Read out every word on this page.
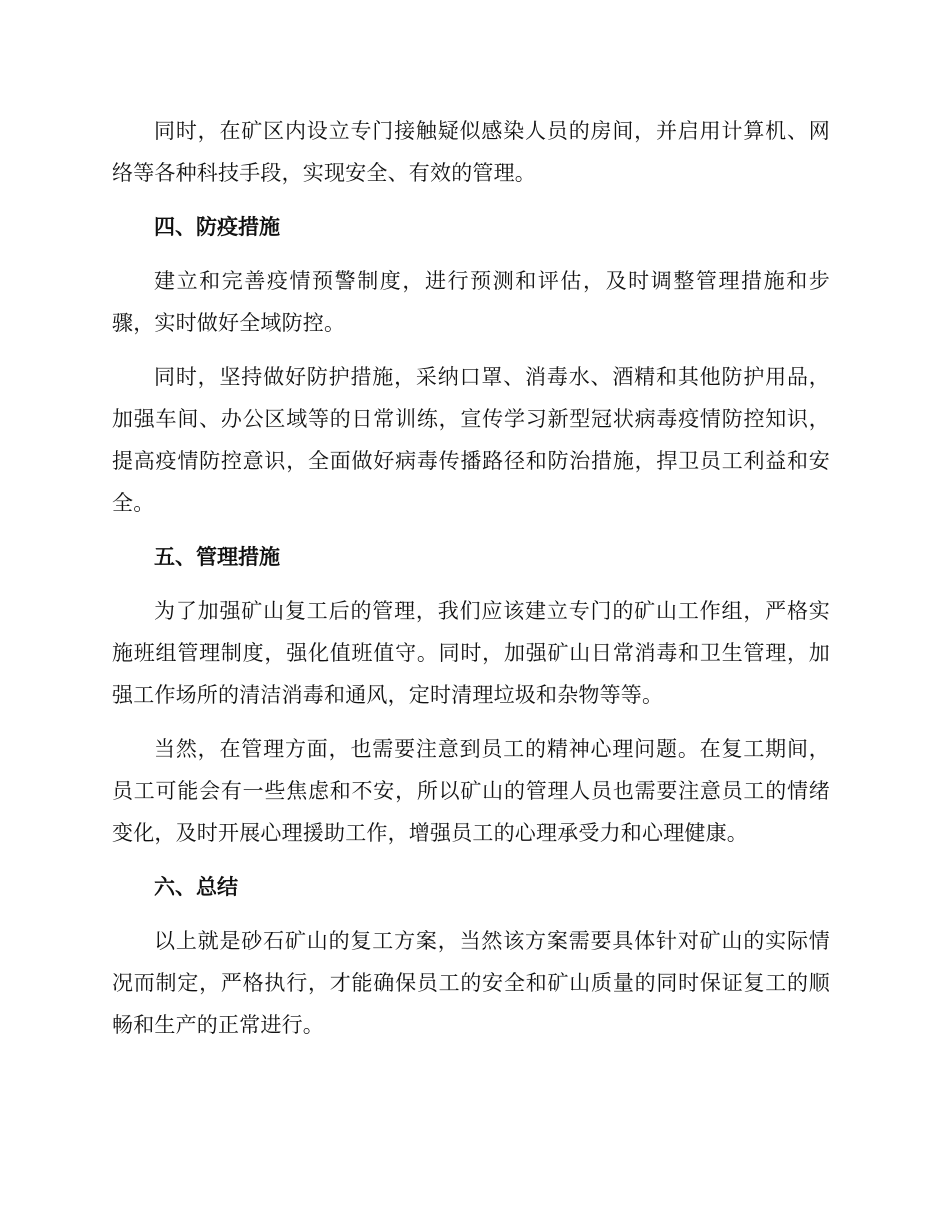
同时，在矿区内设立专门接触疑似感染人员的房间，并启用计算机、网络等各种科技手段，实现安全、有效的管理。

四、防疫措施

建立和完善疫情预警制度，进行预测和评估，及时调整管理措施和步骤，实时做好全域防控。

同时，坚持做好防护措施，采纳口罩、消毒水、酒精和其他防护用品，加强车间、办公区域等的日常训练，宣传学习新型冠状病毒疫情防控知识，提高疫情防控意识，全面做好病毒传播路径和防治措施，捍卫员工利益和安全。

五、管理措施

为了加强矿山复工后的管理，我们应该建立专门的矿山工作组，严格实施班组管理制度，强化值班值守。同时，加强矿山日常消毒和卫生管理，加强工作场所的清洁消毒和通风，定时清理垃圾和杂物等等。

当然，在管理方面，也需要注意到员工的精神心理问题。在复工期间，员工可能会有一些焦虑和不安，所以矿山的管理人员也需要注意员工的情绪变化，及时开展心理援助工作，增强员工的心理承受力和心理健康。

六、总结

以上就是砂石矿山的复工方案，当然该方案需要具体针对矿山的实际情况而制定，严格执行，才能确保员工的安全和矿山质量的同时保证复工的顺畅和生产的正常进行。
